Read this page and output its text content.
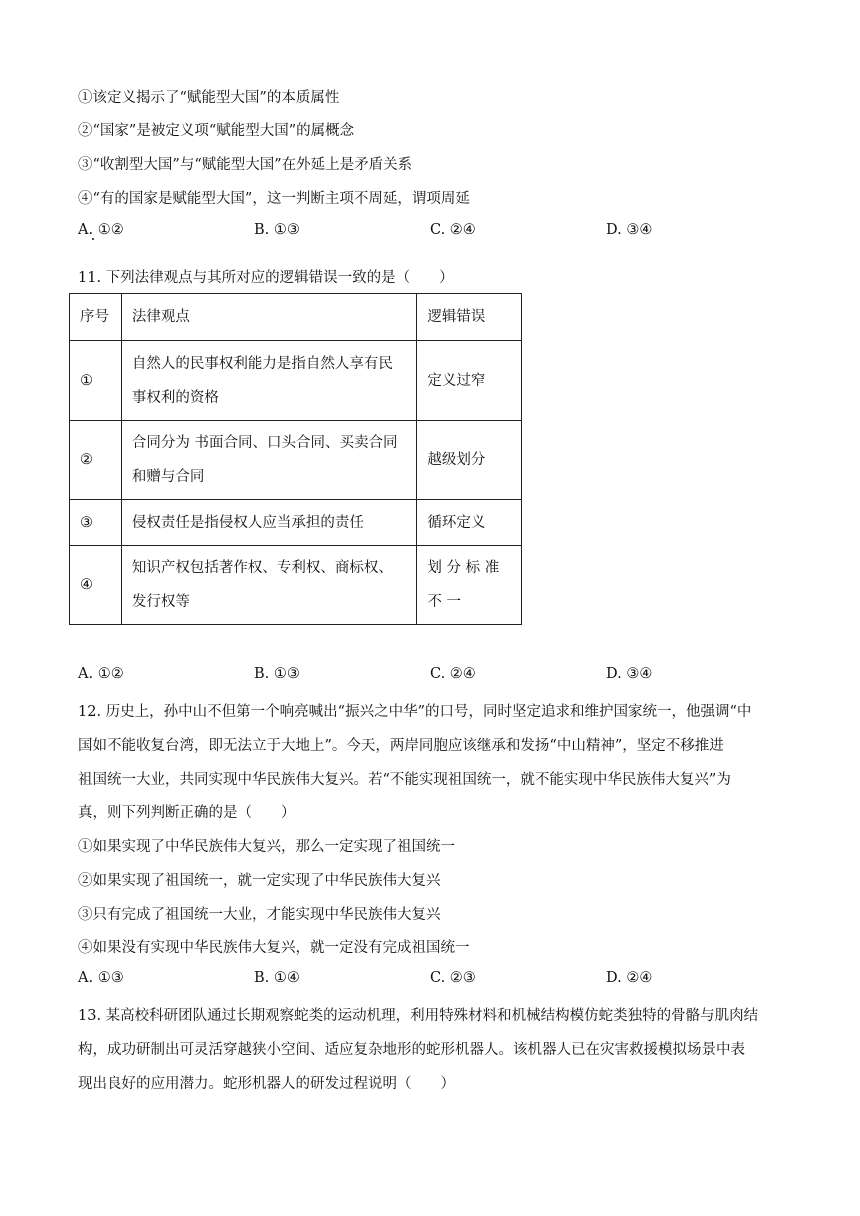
①该定义揭示了“赋能型大国”的本质属性
②“国家”是被定义项“赋能型大国”的属概念
③“收割型大国”与“赋能型大国”在外延上是矛盾关系
④“有的国家是赋能型大国”，这一判断主项不周延，谓项周延
A. ①②	B. ①③	C. ②④	D. ③④
11. 下列法律观点与其所对应的逻辑错误一致的是（　　）
序号	法律观点	逻辑错误
①	自然人的民事权利能力是指自然人享有民事权利的资格	定义过窄
②	合同分为 书面合同、口头合同、买卖合同和赠与合同	越级划分
③	侵权责任是指侵权人应当承担的责任	循环定义
④	知识产权包括著作权、专利权、商标权、发行权等	划 分 标 准 不 一
A. ①②	B. ①③	C. ②④	D. ③④
12. 历史上，孙中山不但第一个响亮喊出“振兴之中华”的口号，同时坚定追求和维护国家统一，他强调“中
国如不能收复台湾，即无法立于大地上”。今天，两岸同胞应该继承和发扬“中山精神”，坚定不移推进
祖国统一大业，共同实现中华民族伟大复兴。若“不能实现祖国统一，就不能实现中华民族伟大复兴”为
真，则下列判断正确的是（　　）
①如果实现了中华民族伟大复兴，那么一定实现了祖国统一
②如果实现了祖国统一，就一定实现了中华民族伟大复兴
③只有完成了祖国统一大业，才能实现中华民族伟大复兴
④如果没有实现中华民族伟大复兴，就一定没有完成祖国统一
A. ①③	B. ①④	C. ②③	D. ②④
13. 某高校科研团队通过长期观察蛇类的运动机理，利用特殊材料和机械结构模仿蛇类独特的骨骼与肌肉结
构，成功研制出可灵活穿越狭小空间、适应复杂地形的蛇形机器人。该机器人已在灾害救援模拟场景中表
现出良好的应用潜力。蛇形机器人的研发过程说明（　　）
